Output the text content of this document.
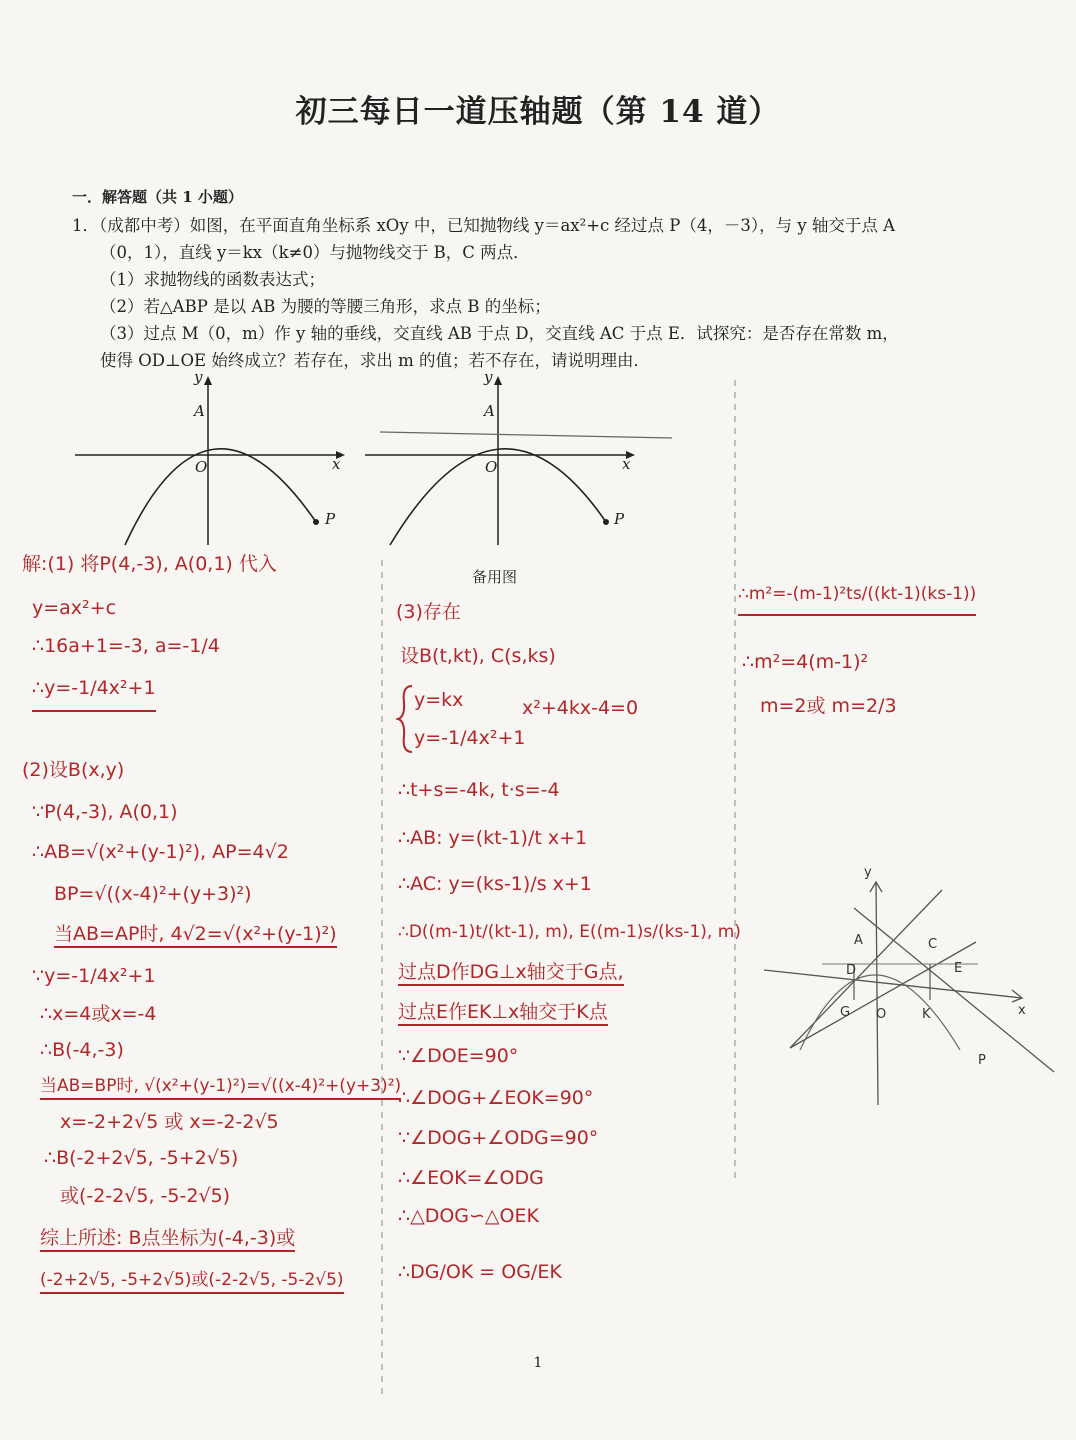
初三每日一道压轴题（第 14 道）
一．解答题（共 1 小题）
1．（成都中考）如图，在平面直角坐标系 xOy 中，已知抛物线 y＝ax²+c 经过点 P（4，－3），与 y 轴交于点 A
（0，1），直线 y＝kx（k≠0）与抛物线交于 B，C 两点．
（1）求抛物线的函数表达式；
（2）若△ABP 是以 AB 为腰的等腰三角形，求点 B 的坐标；
（3）过点 M（0，m）作 y 轴的垂线，交直线 AB 于点 D，交直线 AC 于点 E．试探究：是否存在常数 m，
使得 OD⊥OE 始终成立？若存在，求出 m 的值；若不存在，请说明理由．
y
A
O	x
P
y
A
O	x
P
备用图
解:(1) 将P(4,-3), A(0,1) 代入
y=ax²+c
∴16a+1=-3, a=-1/4
∴y=-1/4x²+1
(2)设B(x,y)
∵P(4,-3), A(0,1)
∴AB=√(x²+(y-1)²), AP=4√2
BP=√((x-4)²+(y+3)²)
当AB=AP时, 4√2=√(x²+(y-1)²)
∵y=-1/4x²+1
∴x=4或x=-4
∴B(-4,-3)
当AB=BP时, √(x²+(y-1)²)=√((x-4)²+(y+3)²)
x=-2+2√5 或 x=-2-2√5
∴B(-2+2√5, -5+2√5)
或(-2-2√5, -5-2√5)
综上所述: B点坐标为(-4,-3)或
(-2+2√5, -5+2√5)或(-2-2√5, -5-2√5)
(3)存在
设B(t,kt), C(s,ks)
y=kx
y=-1/4x²+1
x²+4kx-4=0
∴t+s=-4k, t·s=-4
∴AB: y=(kt-1)/t x+1
∴AC: y=(ks-1)/s x+1
∴D((m-1)t/(kt-1), m), E((m-1)s/(ks-1), m)
过点D作DG⊥x轴交于G点,
过点E作EK⊥x轴交于K点
∵∠DOE=90°
∴∠DOG+∠EOK=90°
∵∠DOG+∠ODG=90°
∴∠EOK=∠ODG
∴△DOG∽△OEK
∴DG/OK = OG/EK
∴m²=-(m-1)²ts/((kt-1)(ks-1))
∴m²=4(m-1)²
m=2或 m=2/3
y
A	C
D	E
G O	K	x
P
1
